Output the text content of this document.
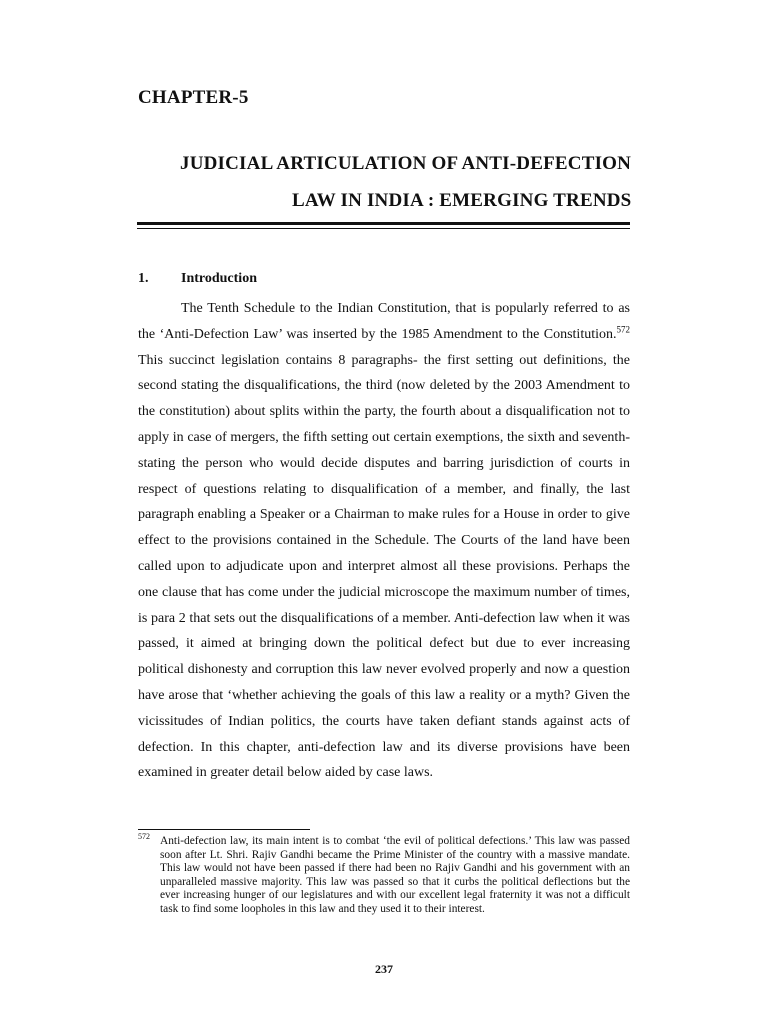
CHAPTER-5
JUDICIAL ARTICULATION OF ANTI-DEFECTION
LAW IN INDIA : EMERGING TRENDS
1. Introduction

The Tenth Schedule to the Indian Constitution, that is popularly referred to as the ‘Anti-Defection Law’ was inserted by the 1985 Amendment to the Constitution.$^{572}$ This succinct legislation contains 8 paragraphs- the first setting out definitions, the second stating the disqualifications, the third (now deleted by the 2003 Amendment to the constitution) about splits within the party, the fourth about a disqualification not to apply in case of mergers, the fifth setting out certain exemptions, the sixth and seventh- stating the person who would decide disputes and barring jurisdiction of courts in respect of questions relating to disqualification of a member, and finally, the last paragraph enabling a Speaker or a Chairman to make rules for a House in order to give effect to the provisions contained in the Schedule. The Courts of the land have been called upon to adjudicate upon and interpret almost all these provisions. Perhaps the one clause that has come under the judicial microscope the maximum number of times, is para 2 that sets out the disqualifications of a member. Anti-defection law when it was passed, it aimed at bringing down the political defect but due to ever increasing political dishonesty and corruption this law never evolved properly and now a question have arose that ‘whether achieving the goals of this law a reality or a myth? Given the vicissitudes of Indian politics, the courts have taken defiant stands against acts of defection. In this chapter, anti-defection law and its diverse provisions have been examined in greater detail below aided by case laws.

$^{572}$ Anti-defection law, its main intent is to combat ‘the evil of political defections.’ This law was passed soon after Lt. Shri. Rajiv Gandhi became the Prime Minister of the country with a massive mandate. This law would not have been passed if there had been no Rajiv Gandhi and his government with an unparalleled massive majority. This law was passed so that it curbs the political deflections but the ever increasing hunger of our legislatures and with our excellent legal fraternity it was not a difficult task to find some loopholes in this law and they used it to their interest.

237
